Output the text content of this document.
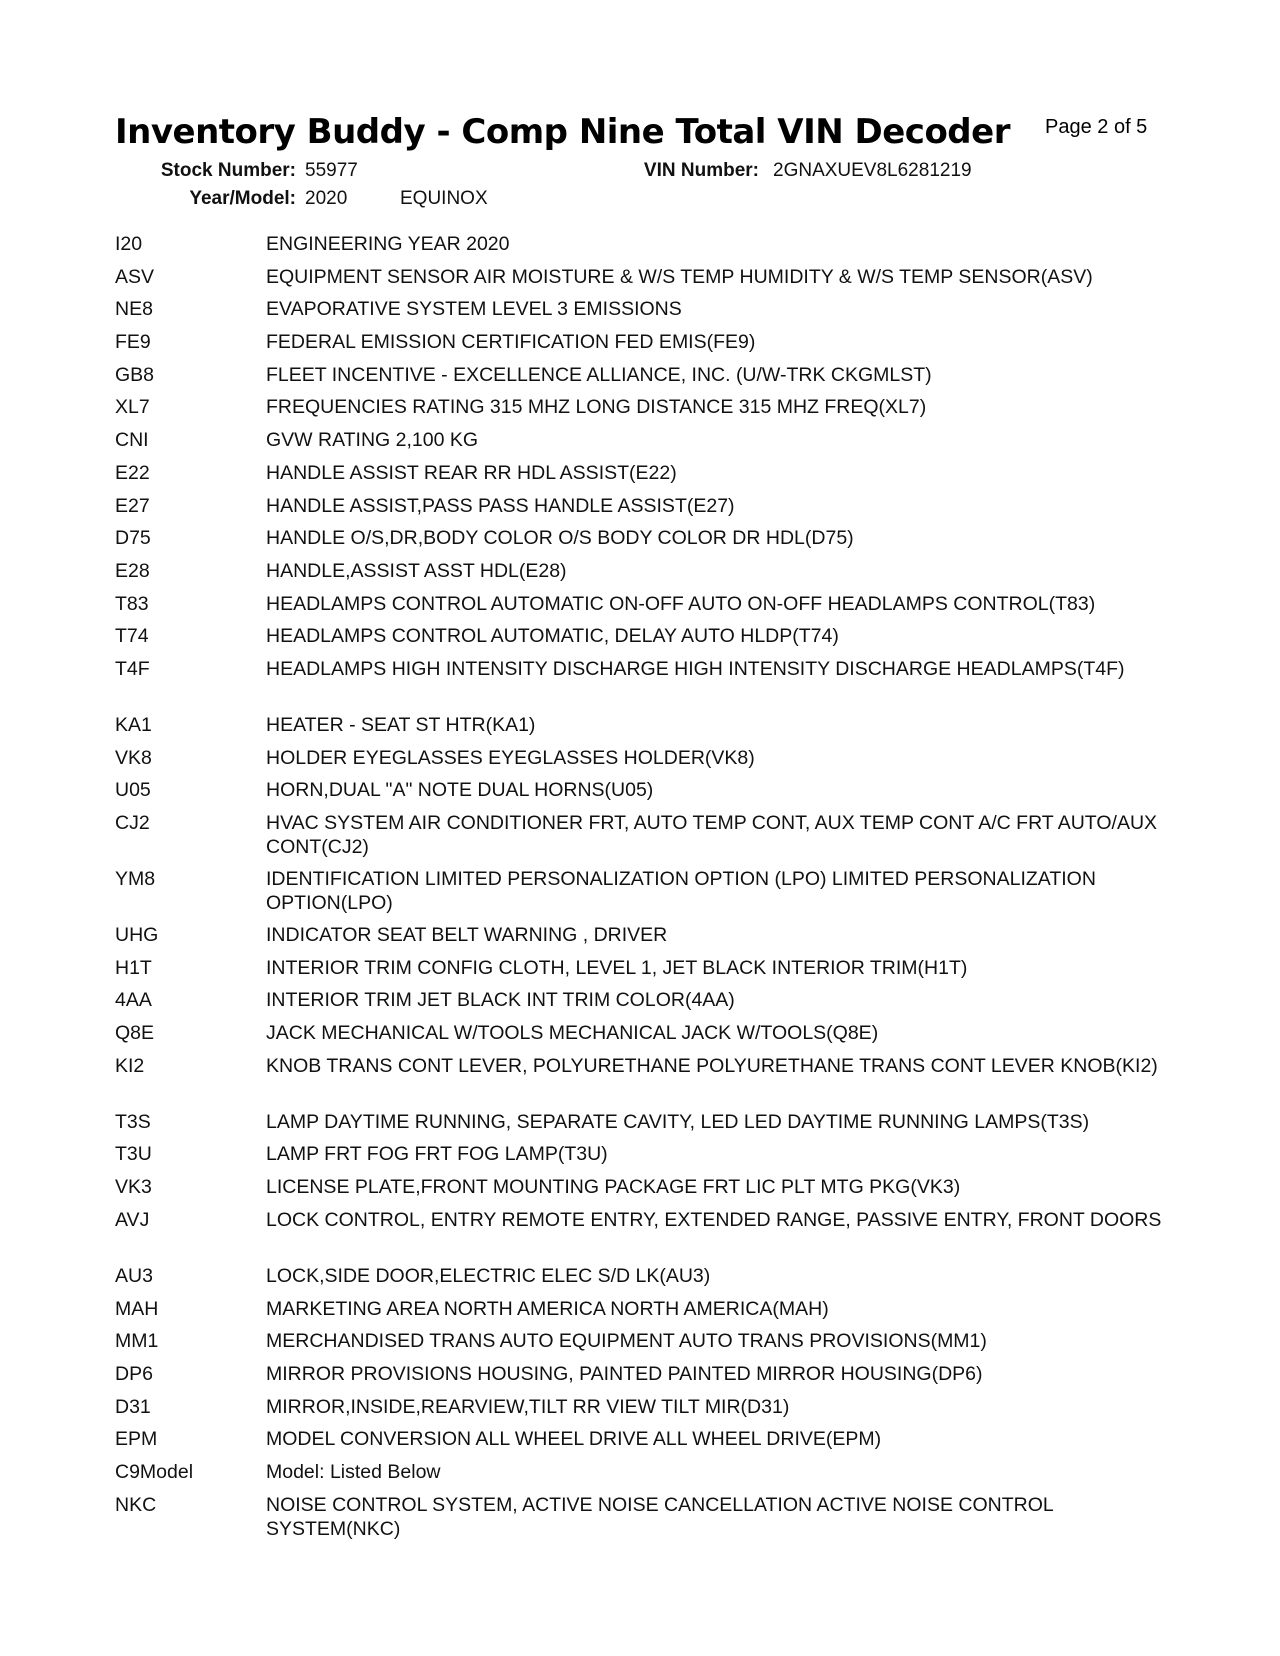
Inventory Buddy - Comp Nine Total VIN Decoder Page 2 of 5
Stock Number: 55977	VIN Number: 2GNAXUEV8L6281219
Year/Model: 2020	EQUINOX
I20	ENGINEERING YEAR 2020
ASV	EQUIPMENT SENSOR AIR MOISTURE & W/S TEMP HUMIDITY & W/S TEMP SENSOR(ASV)
NE8	EVAPORATIVE SYSTEM LEVEL 3 EMISSIONS
FE9	FEDERAL EMISSION CERTIFICATION FED EMIS(FE9)
GB8	FLEET INCENTIVE - EXCELLENCE ALLIANCE, INC. (U/W-TRK CKGMLST)
XL7	FREQUENCIES RATING 315 MHZ LONG DISTANCE 315 MHZ FREQ(XL7)
CNI	GVW RATING 2,100 KG
E22	HANDLE ASSIST REAR RR HDL ASSIST(E22)
E27	HANDLE ASSIST,PASS PASS HANDLE ASSIST(E27)
D75	HANDLE O/S,DR,BODY COLOR O/S BODY COLOR DR HDL(D75)
E28	HANDLE,ASSIST ASST HDL(E28)
T83	HEADLAMPS CONTROL AUTOMATIC ON-OFF AUTO ON-OFF HEADLAMPS CONTROL(T83)
T74	HEADLAMPS CONTROL AUTOMATIC, DELAY AUTO HLDP(T74)
T4F	HEADLAMPS HIGH INTENSITY DISCHARGE HIGH INTENSITY DISCHARGE HEADLAMPS(T4F)
KA1	HEATER - SEAT ST HTR(KA1)
VK8	HOLDER EYEGLASSES EYEGLASSES HOLDER(VK8)
U05	HORN,DUAL "A" NOTE DUAL HORNS(U05)
CJ2	HVAC SYSTEM AIR CONDITIONER FRT, AUTO TEMP CONT, AUX TEMP CONT A/C FRT AUTO/AUX CONT(CJ2)
YM8	IDENTIFICATION LIMITED PERSONALIZATION OPTION (LPO) LIMITED PERSONALIZATION OPTION(LPO)
UHG	INDICATOR SEAT BELT WARNING , DRIVER
H1T	INTERIOR TRIM CONFIG CLOTH, LEVEL 1, JET BLACK INTERIOR TRIM(H1T)
4AA	INTERIOR TRIM JET BLACK INT TRIM COLOR(4AA)
Q8E	JACK MECHANICAL W/TOOLS MECHANICAL JACK W/TOOLS(Q8E)
KI2	KNOB TRANS CONT LEVER, POLYURETHANE POLYURETHANE TRANS CONT LEVER KNOB(KI2)
T3S	LAMP DAYTIME RUNNING, SEPARATE CAVITY, LED LED DAYTIME RUNNING LAMPS(T3S)
T3U	LAMP FRT FOG FRT FOG LAMP(T3U)
VK3	LICENSE PLATE,FRONT MOUNTING PACKAGE FRT LIC PLT MTG PKG(VK3)
AVJ	LOCK CONTROL, ENTRY REMOTE ENTRY, EXTENDED RANGE, PASSIVE ENTRY, FRONT DOORS
AU3	LOCK,SIDE DOOR,ELECTRIC ELEC S/D LK(AU3)
MAH	MARKETING AREA NORTH AMERICA NORTH AMERICA(MAH)
MM1	MERCHANDISED TRANS AUTO EQUIPMENT AUTO TRANS PROVISIONS(MM1)
DP6	MIRROR PROVISIONS HOUSING, PAINTED PAINTED MIRROR HOUSING(DP6)
D31	MIRROR,INSIDE,REARVIEW,TILT RR VIEW TILT MIR(D31)
EPM	MODEL CONVERSION ALL WHEEL DRIVE ALL WHEEL DRIVE(EPM)
C9Model	Model: Listed Below
NKC	NOISE CONTROL SYSTEM, ACTIVE NOISE CANCELLATION ACTIVE NOISE CONTROL SYSTEM(NKC)
